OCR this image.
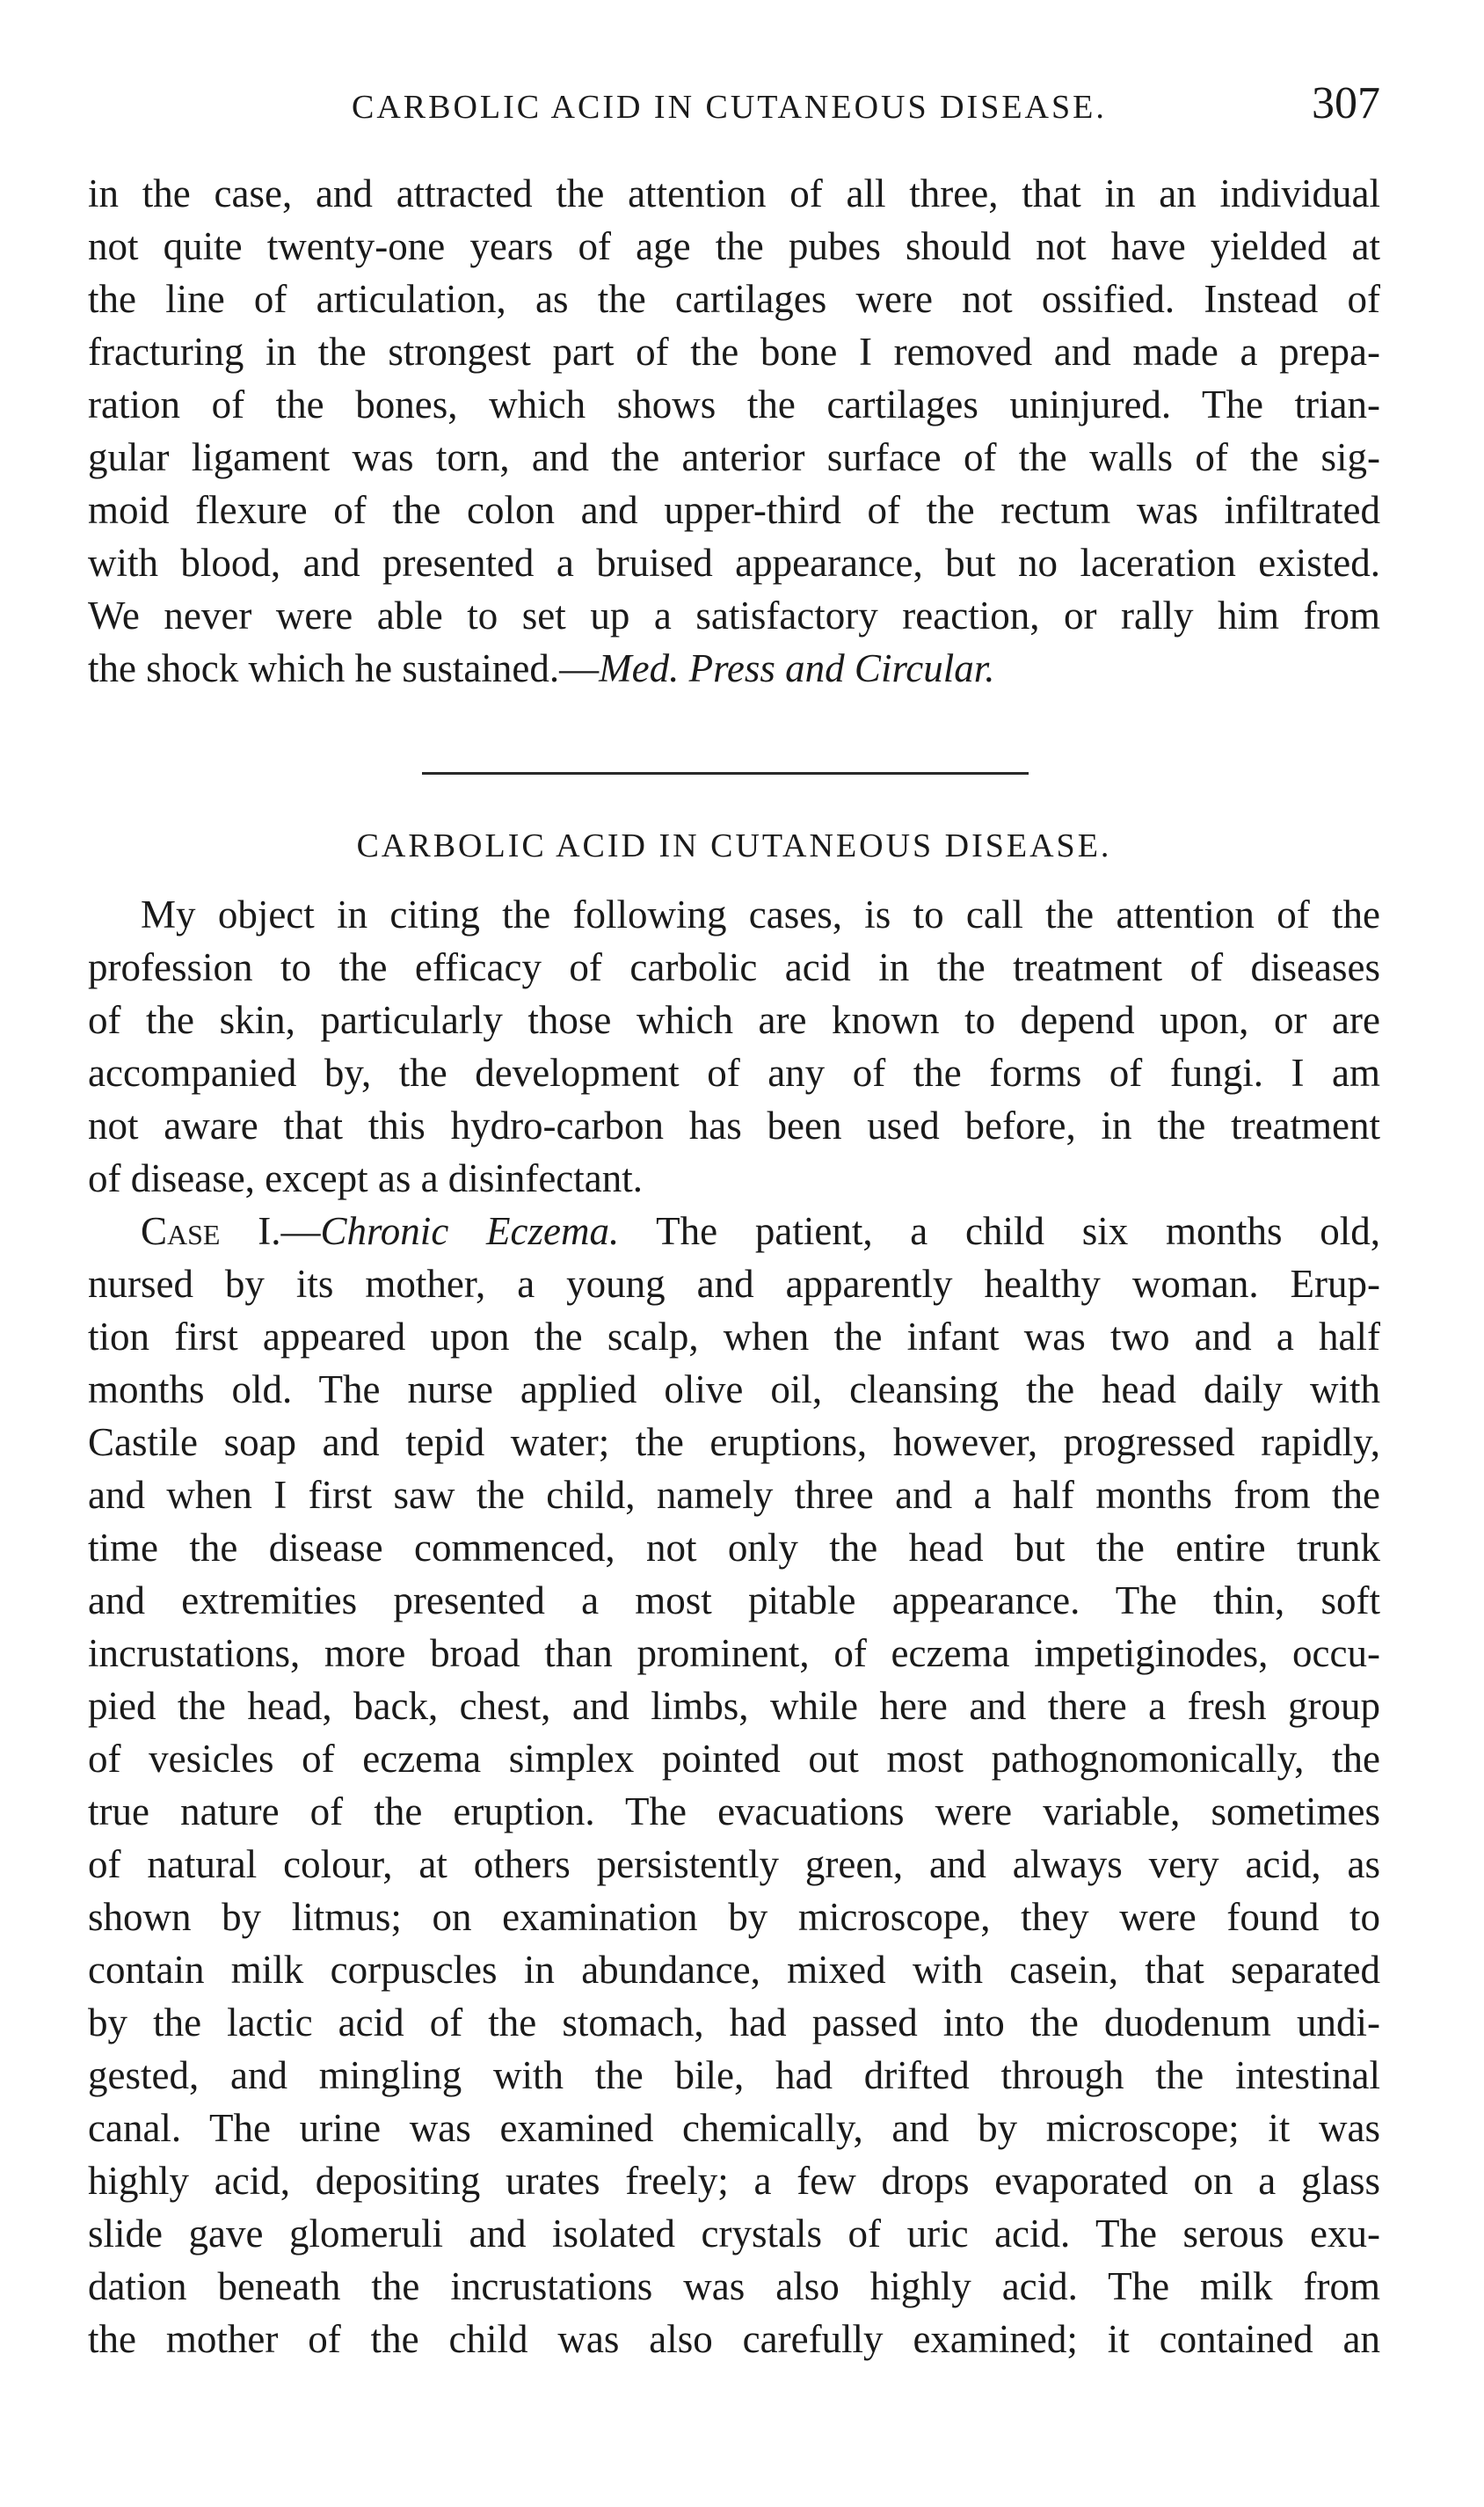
CARBOLIC ACID IN CUTANEOUS DISEASE.	307
in the case, and attracted the attention of all three, that in an individual
not quite twenty-one years of age the pubes should not have yielded at
the line of articulation, as the cartilages were not ossified. Instead of
fracturing in the strongest part of the bone I removed and made a prepa-
ration of the bones, which shows the cartilages uninjured. The trian-
gular ligament was torn, and the anterior surface of the walls of the sig-
moid flexure of the colon and upper-third of the rectum was infiltrated
with blood, and presented a bruised appearance, but no laceration existed.
We never were able to set up a satisfactory reaction, or rally him from
the shock which he sustained.—Med. Press and Circular.
CARBOLIC ACID IN CUTANEOUS DISEASE.
My object in citing the following cases, is to call the attention of the
profession to the efficacy of carbolic acid in the treatment of diseases
of the skin, particularly those which are known to depend upon, or are
accompanied by, the development of any of the forms of fungi. I am
not aware that this hydro-carbon has been used before, in the treatment
of disease, except as a disinfectant.
Case I.—Chronic Eczema. The patient, a child six months old,
nursed by its mother, a young and apparently healthy woman. Erup-
tion first appeared upon the scalp, when the infant was two and a half
months old. The nurse applied olive oil, cleansing the head daily with
Castile soap and tepid water; the eruptions, however, progressed rapidly,
and when I first saw the child, namely three and a half months from the
time the disease commenced, not only the head but the entire trunk
and extremities presented a most pitable appearance. The thin, soft
incrustations, more broad than prominent, of eczema impetiginodes, occu-
pied the head, back, chest, and limbs, while here and there a fresh group
of vesicles of eczema simplex pointed out most pathognomonically, the
true nature of the eruption. The evacuations were variable, sometimes
of natural colour, at others persistently green, and always very acid, as
shown by litmus; on examination by microscope, they were found to
contain milk corpuscles in abundance, mixed with casein, that separated
by the lactic acid of the stomach, had passed into the duodenum undi-
gested, and mingling with the bile, had drifted through the intestinal
canal. The urine was examined chemically, and by microscope; it was
highly acid, depositing urates freely; a few drops evaporated on a glass
slide gave glomeruli and isolated crystals of uric acid. The serous exu-
dation beneath the incrustations was also highly acid. The milk from
the mother of the child was also carefully examined; it contained an
